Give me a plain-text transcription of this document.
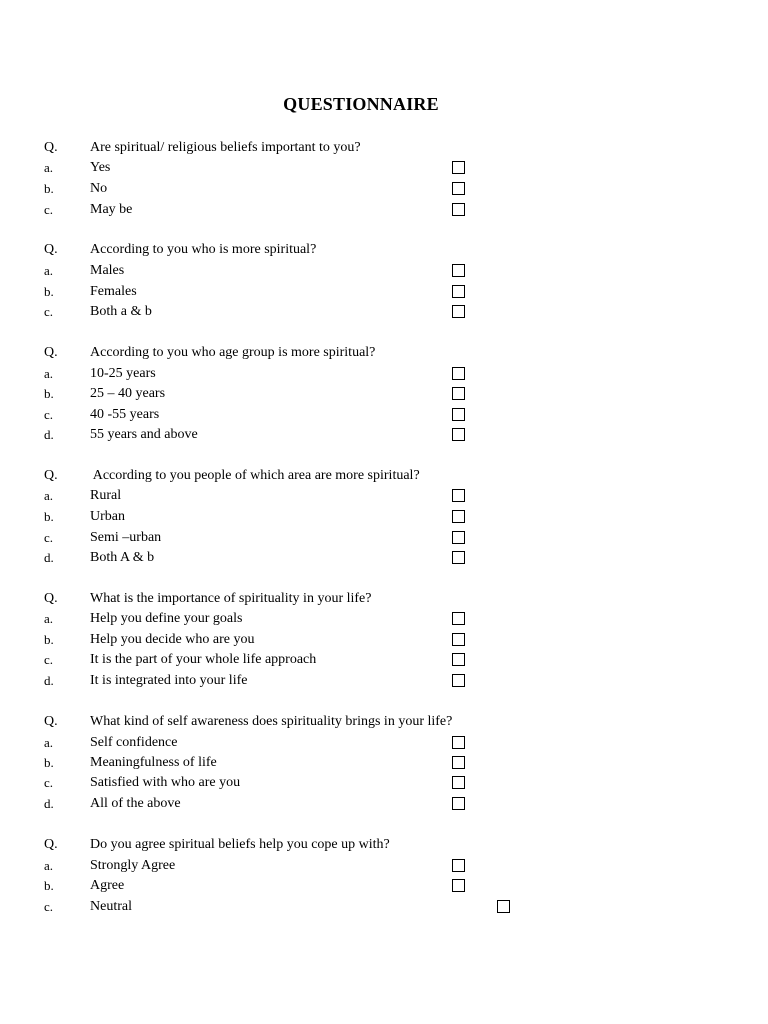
QUESTIONNAIRE
Q. Are spiritual/ religious beliefs important to you?
a.	Yes
b.	No
c.	May be
Q. According to you who is more spiritual?
a.	Males
b.	Females
c.	Both a & b
Q. According to you who age group is more spiritual?
a.	10-25 years
b.	25 – 40 years
c.	40 -55 years
d.	55 years and above
Q. According to you people of which area are more spiritual?
a.	Rural
b.	Urban
c.	Semi –urban
d.	Both A & b
Q. What is the importance of spirituality in your life?
a.	Help you define your goals
b.	Help you decide who are you
c.	It is the part of your whole life approach
d.	It is integrated into your life
Q. What kind of self awareness does spirituality brings in your life?
a.	Self confidence
b.	Meaningfulness of life
c.	Satisfied with who are you
d.	All of the above
Q. Do you agree spiritual beliefs help you cope up with?
a.	Strongly Agree
b.	Agree
c.	Neutral
